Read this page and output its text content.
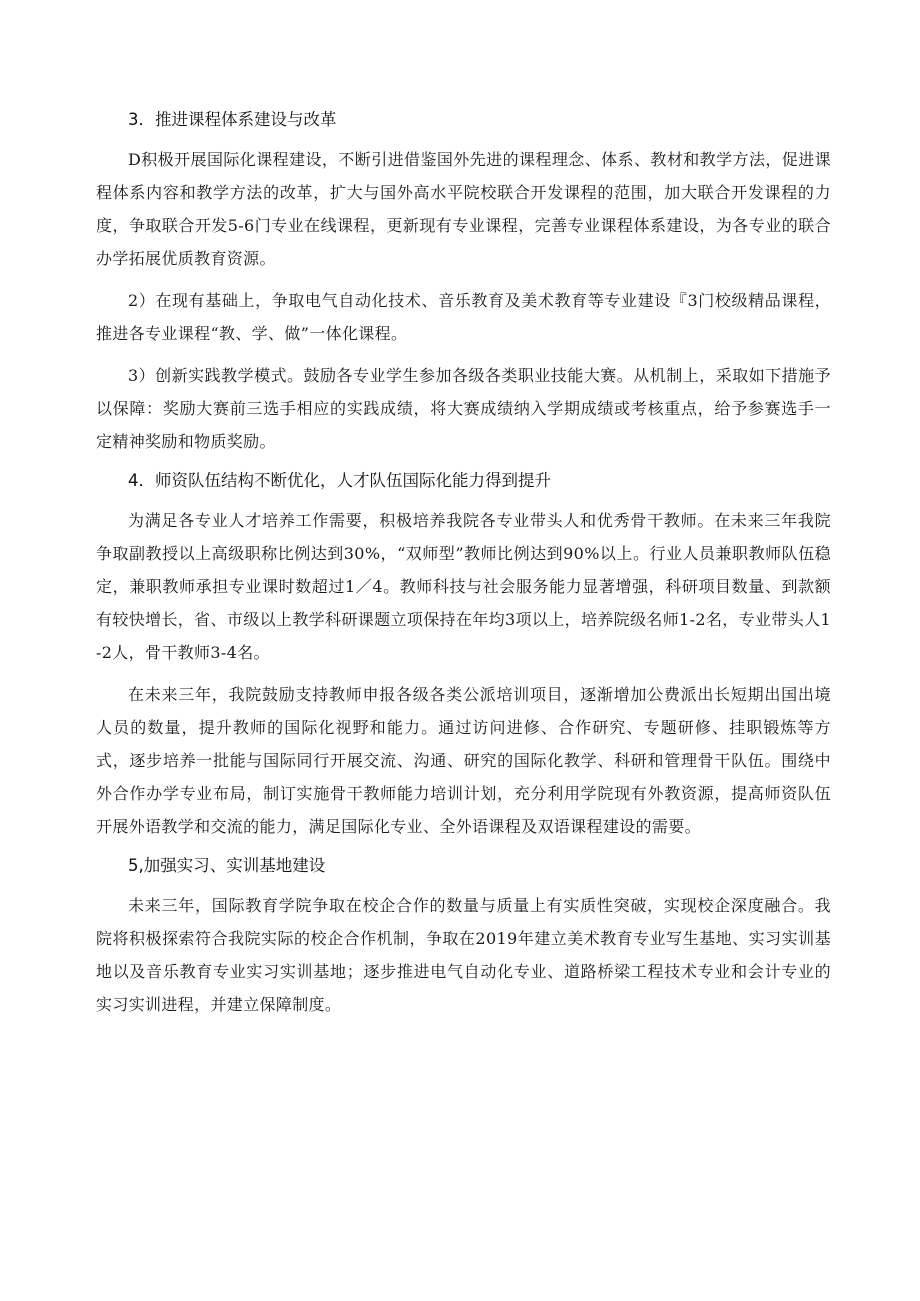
3．推进课程体系建设与改革

D积极开展国际化课程建设，不断引进借鉴国外先进的课程理念、体系、教材和教学方法，促进课程体系内容和教学方法的改革，扩大与国外高水平院校联合开发课程的范围，加大联合开发课程的力度，争取联合开发5-6门专业在线课程，更新现有专业课程，完善专业课程体系建设，为各专业的联合办学拓展优质教育资源。

2）在现有基础上，争取电气自动化技术、音乐教育及美术教育等专业建设『3门校级精品课程，推进各专业课程“教、学、做”一体化课程。

3）创新实践教学模式。鼓励各专业学生参加各级各类职业技能大赛。从机制上，采取如下措施予以保障：奖励大赛前三选手相应的实践成绩，将大赛成绩纳入学期成绩或考核重点，给予参赛选手一定精神奖励和物质奖励。

4．师资队伍结构不断优化，人才队伍国际化能力得到提升

为满足各专业人才培养工作需要，积极培养我院各专业带头人和优秀骨干教师。在未来三年我院争取副教授以上高级职称比例达到30%，“双师型”教师比例达到90%以上。行业人员兼职教师队伍稳定，兼职教师承担专业课时数超过1／4。教师科技与社会服务能力显著增强，科研项目数量、到款额有较快增长，省、市级以上教学科研课题立项保持在年均3项以上，培养院级名师1-2名，专业带头人1-2人，骨干教师3-4名。

在未来三年，我院鼓励支持教师申报各级各类公派培训项目，逐渐增加公费派出长短期出国出境人员的数量，提升教师的国际化视野和能力。通过访问进修、合作研究、专题研修、挂职锻炼等方式，逐步培养一批能与国际同行开展交流、沟通、研究的国际化教学、科研和管理骨干队伍。围绕中外合作办学专业布局，制订实施骨干教师能力培训计划，充分利用学院现有外教资源，提高师资队伍开展外语教学和交流的能力，满足国际化专业、全外语课程及双语课程建设的需要。

5,加强实习、实训基地建设

未来三年，国际教育学院争取在校企合作的数量与质量上有实质性突破，实现校企深度融合。我院将积极探索符合我院实际的校企合作机制，争取在2019年建立美术教育专业写生基地、实习实训基地以及音乐教育专业实习实训基地；逐步推进电气自动化专业、道路桥梁工程技术专业和会计专业的实习实训进程，并建立保障制度。
